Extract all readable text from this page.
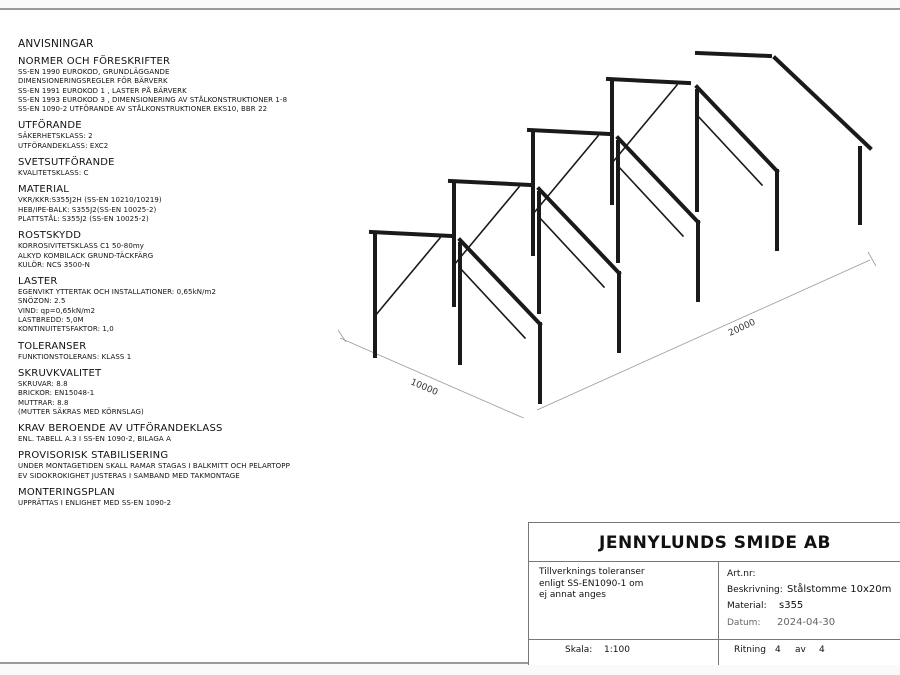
ANVISNINGAR
NORMER OCH FÖRESKRIFTER
SS-EN 1990 EUROKOD, GRUNDLÄGGANDE
DIMENSIONERINGSREGLER FÖR BÄRVERK
SS-EN 1991 EUROKOD 1 , LASTER PÅ BÄRVERK
SS-EN 1993 EUROKOD 3 , DIMENSIONERING AV STÅLKONSTRUKTIONER 1-8
SS-EN 1090-2 UTFÖRANDE AV STÅLKONSTRUKTIONER EKS10, BBR 22
UTFÖRANDE
SÄKERHETSKLASS: 2
UTFÖRANDEKLASS: EXC2
SVETSUTFÖRANDE
KVALITETSKLASS: C
MATERIAL
VKR/KKR:S355J2H (SS-EN 10210/10219)
HEB/IPE-BALK: S355J2(SS-EN 10025-2)
PLATTSTÅL: S355J2 (SS-EN 10025-2)
ROSTSKYDD
KORROSIVITETSKLASS C1 50-80my
ALKYD KOMBILACK GRUND-TÄCKFÄRG
KULÖR: NCS 3500-N
LASTER
EGENVIKT YTTERTAK OCH INSTALLATIONER: 0,65kN/m2
SNÖZON: 2.5
VIND: qp=0,65kN/m2
LASTBREDD: 5,0M
KONTINUITETSFAKTOR: 1,0
TOLERANSER
FUNKTIONSTOLERANS: KLASS 1
SKRUVKVALITET
SKRUVAR: 8.8
BRICKOR: EN15048-1
MUTTRAR: 8.8
(MUTTER SÄKRAS MED KÖRNSLAG)
KRAV BEROENDE AV UTFÖRANDEKLASS
ENL. TABELL A.3 I SS-EN 1090-2, BILAGA A
PROVISORISK STABILISERING
UNDER MONTAGETIDEN SKALL RAMAR STAGAS I BALKMITT OCH PELARTOPP
EV SIDOKROKIGHET JUSTERAS I SAMBAND MED TAKMONTAGE
MONTERINGSPLAN
UPPRÄTTAS I ENLIGHET MED SS-EN 1090-2
10000
20000
JENNYLUNDS SMIDE AB
Tillverknings toleranser
enligt SS-EN1090-1 om
ej annat anges
Art.nr:
Beskrivning: Stålstomme 10x20m
Material: s355
Datum: 2024-04-30
Skala: 1:100	Ritning 4 av 4
